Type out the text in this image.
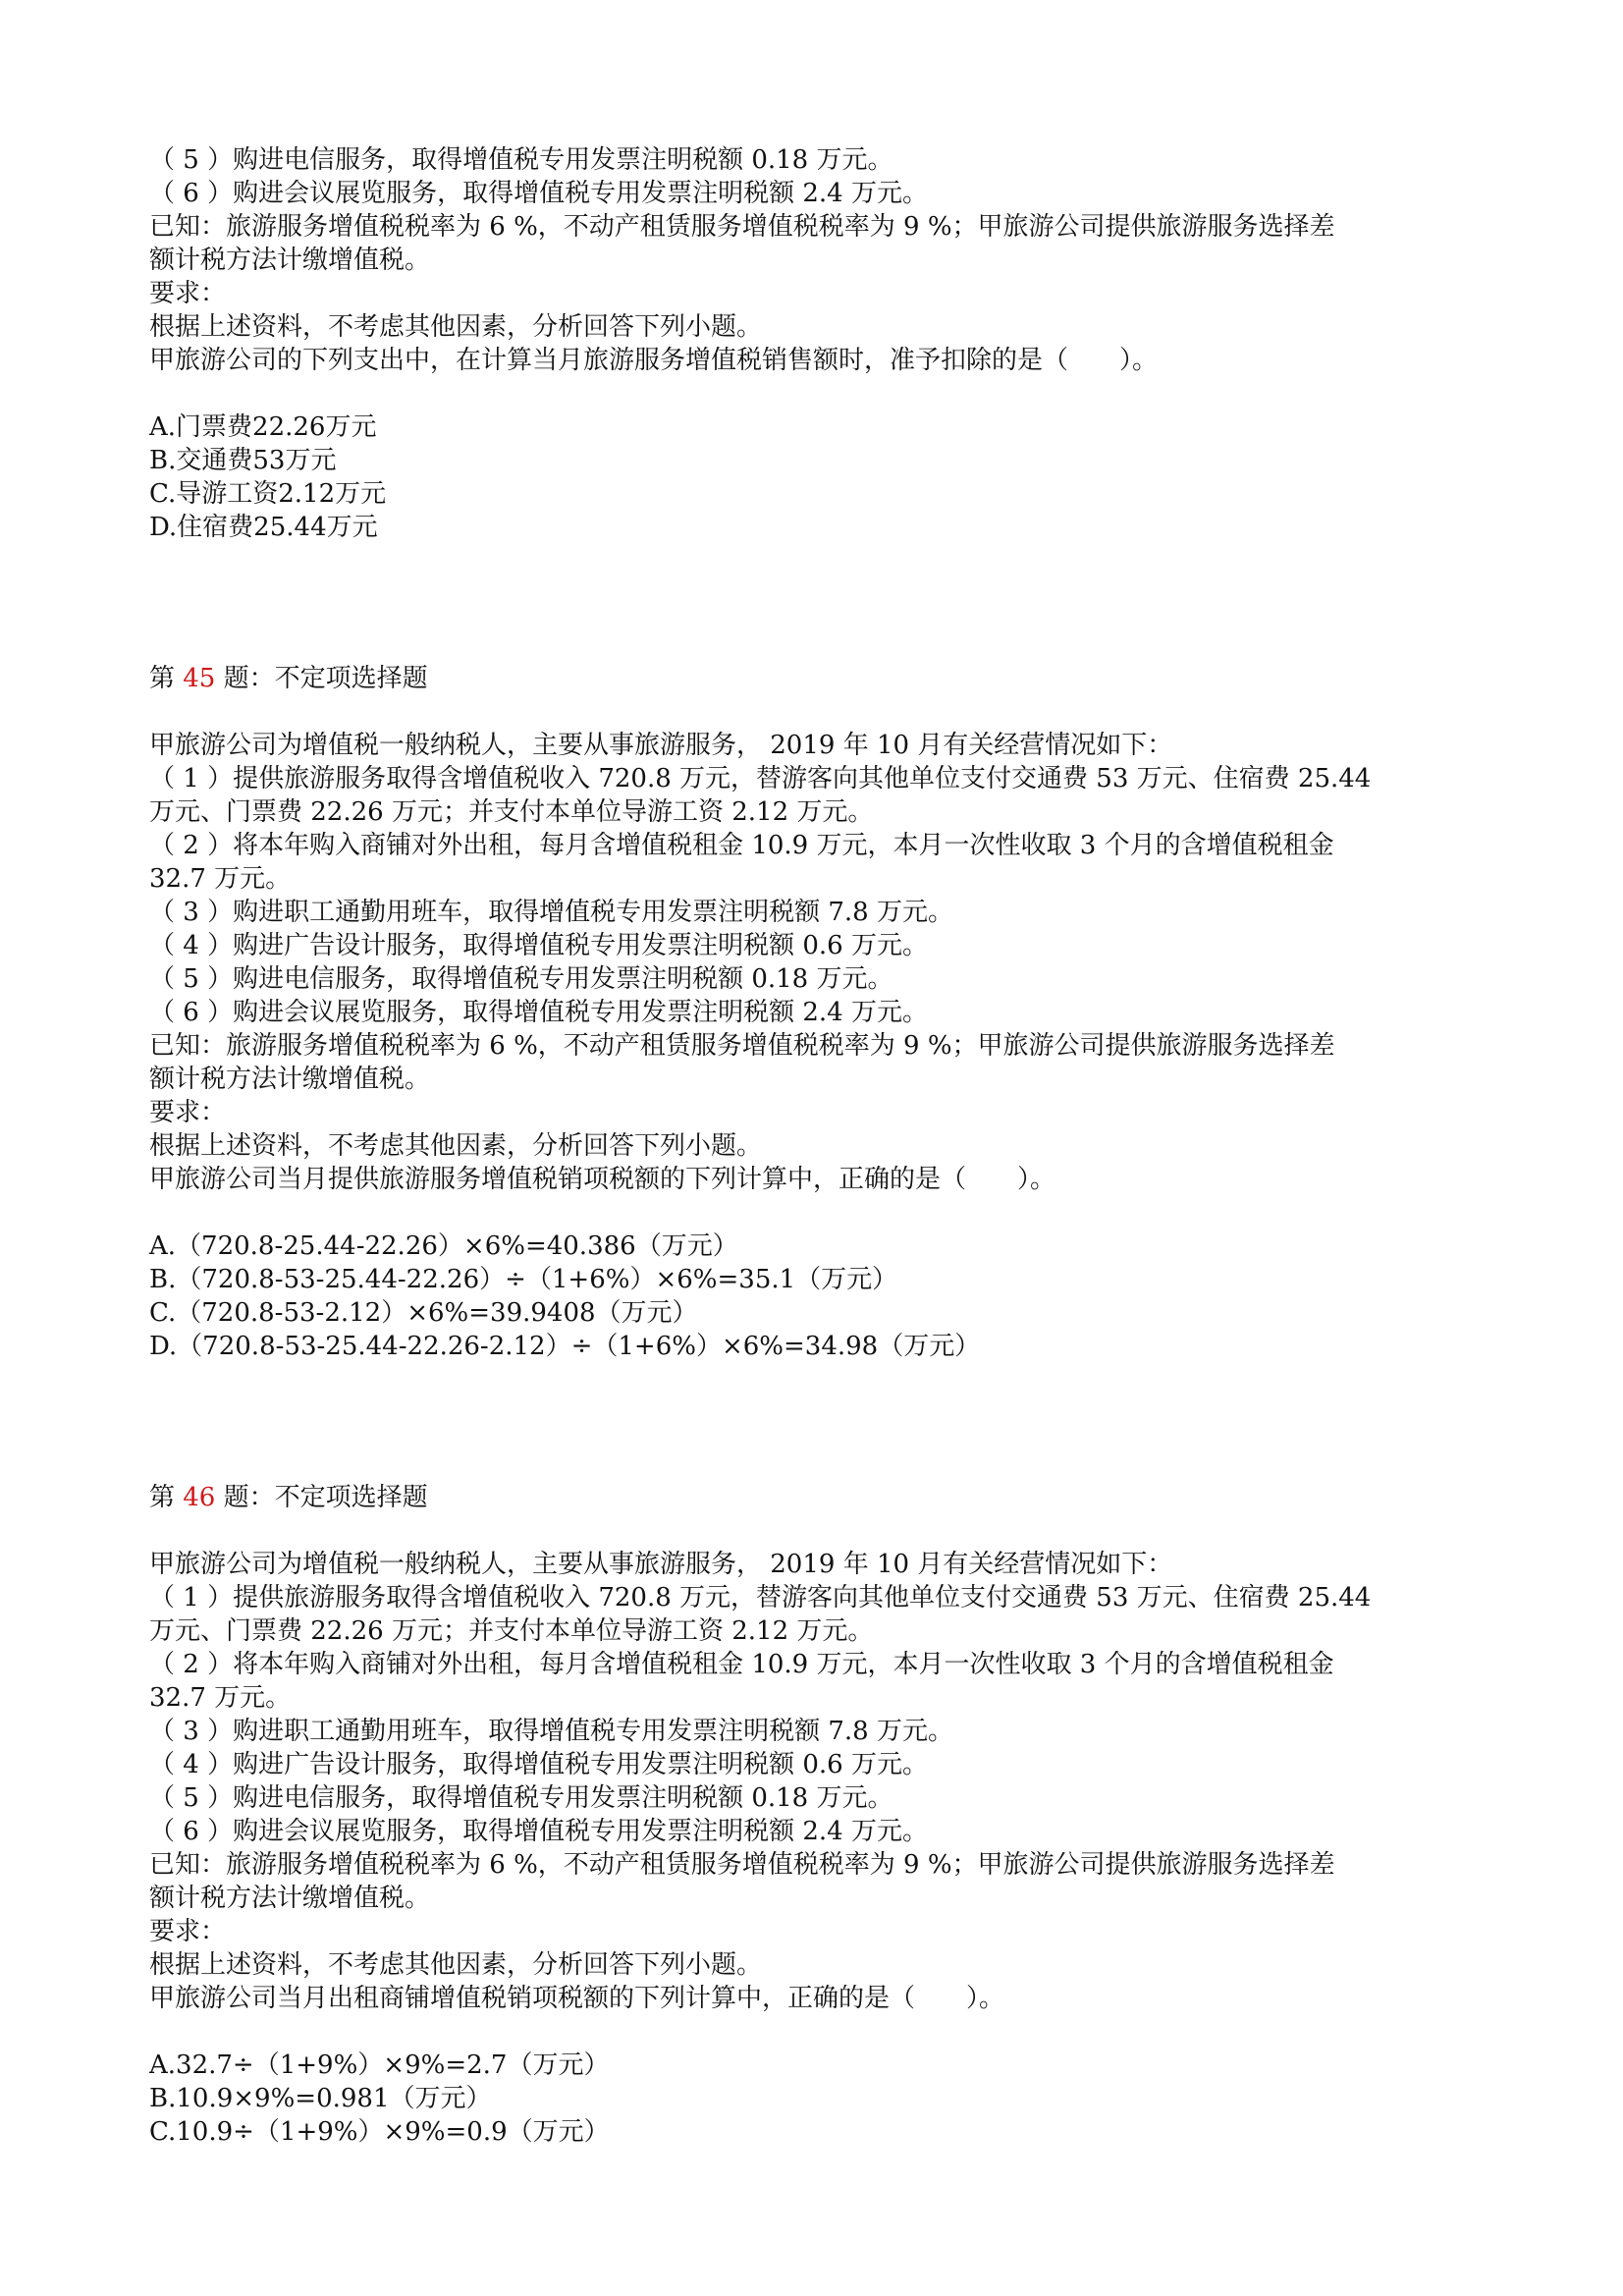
（ 5 ）购进电信服务，取得增值税专用发票注明税额 0.18 万元。

（ 6 ）购进会议展览服务，取得增值税专用发票注明税额 2.4 万元。

已知：旅游服务增值税税率为 6 %，不动产租赁服务增值税税率为 9 %；甲旅游公司提供旅游服务选择差

额计税方法计缴增值税。

要求：

根据上述资料，不考虑其他因素，分析回答下列小题。

甲旅游公司的下列支出中，在计算当月旅游服务增值税销售额时，准予扣除的是（　　）。

A.门票费22.26万元

B.交通费53万元

C.导游工资2.12万元

D.住宿费25.44万元

第 45 题：不定项选择题

甲旅游公司为增值税一般纳税人，主要从事旅游服务， 2019 年 10 月有关经营情况如下：

（ 1 ）提供旅游服务取得含增值税收入 720.8 万元，替游客向其他单位支付交通费 53 万元、住宿费 25.44

万元、门票费 22.26 万元；并支付本单位导游工资 2.12 万元。

（ 2 ）将本年购入商铺对外出租，每月含增值税租金 10.9 万元，本月一次性收取 3 个月的含增值税租金

32.7 万元。

（ 3 ）购进职工通勤用班车，取得增值税专用发票注明税额 7.8 万元。

（ 4 ）购进广告设计服务，取得增值税专用发票注明税额 0.6 万元。

（ 5 ）购进电信服务，取得增值税专用发票注明税额 0.18 万元。

（ 6 ）购进会议展览服务，取得增值税专用发票注明税额 2.4 万元。

已知：旅游服务增值税税率为 6 %，不动产租赁服务增值税税率为 9 %；甲旅游公司提供旅游服务选择差

额计税方法计缴增值税。

要求：

根据上述资料，不考虑其他因素，分析回答下列小题。

甲旅游公司当月提供旅游服务增值税销项税额的下列计算中，正确的是（　　）。

A.（720.8-25.44-22.26）×6%=40.386（万元）

B.（720.8-53-25.44-22.26）÷（1+6%）×6%=35.1（万元）

C.（720.8-53-2.12）×6%=39.9408（万元）

D.（720.8-53-25.44-22.26-2.12）÷（1+6%）×6%=34.98（万元）

第 46 题：不定项选择题

甲旅游公司为增值税一般纳税人，主要从事旅游服务， 2019 年 10 月有关经营情况如下：

（ 1 ）提供旅游服务取得含增值税收入 720.8 万元，替游客向其他单位支付交通费 53 万元、住宿费 25.44

万元、门票费 22.26 万元；并支付本单位导游工资 2.12 万元。

（ 2 ）将本年购入商铺对外出租，每月含增值税租金 10.9 万元，本月一次性收取 3 个月的含增值税租金

32.7 万元。

（ 3 ）购进职工通勤用班车，取得增值税专用发票注明税额 7.8 万元。

（ 4 ）购进广告设计服务，取得增值税专用发票注明税额 0.6 万元。

（ 5 ）购进电信服务，取得增值税专用发票注明税额 0.18 万元。

（ 6 ）购进会议展览服务，取得增值税专用发票注明税额 2.4 万元。

已知：旅游服务增值税税率为 6 %，不动产租赁服务增值税税率为 9 %；甲旅游公司提供旅游服务选择差

额计税方法计缴增值税。

要求：

根据上述资料，不考虑其他因素，分析回答下列小题。

甲旅游公司当月出租商铺增值税销项税额的下列计算中，正确的是（　　）。

A.32.7÷（1+9%）×9%=2.7（万元）

B.10.9×9%=0.981（万元）

C.10.9÷（1+9%）×9%=0.9（万元）
